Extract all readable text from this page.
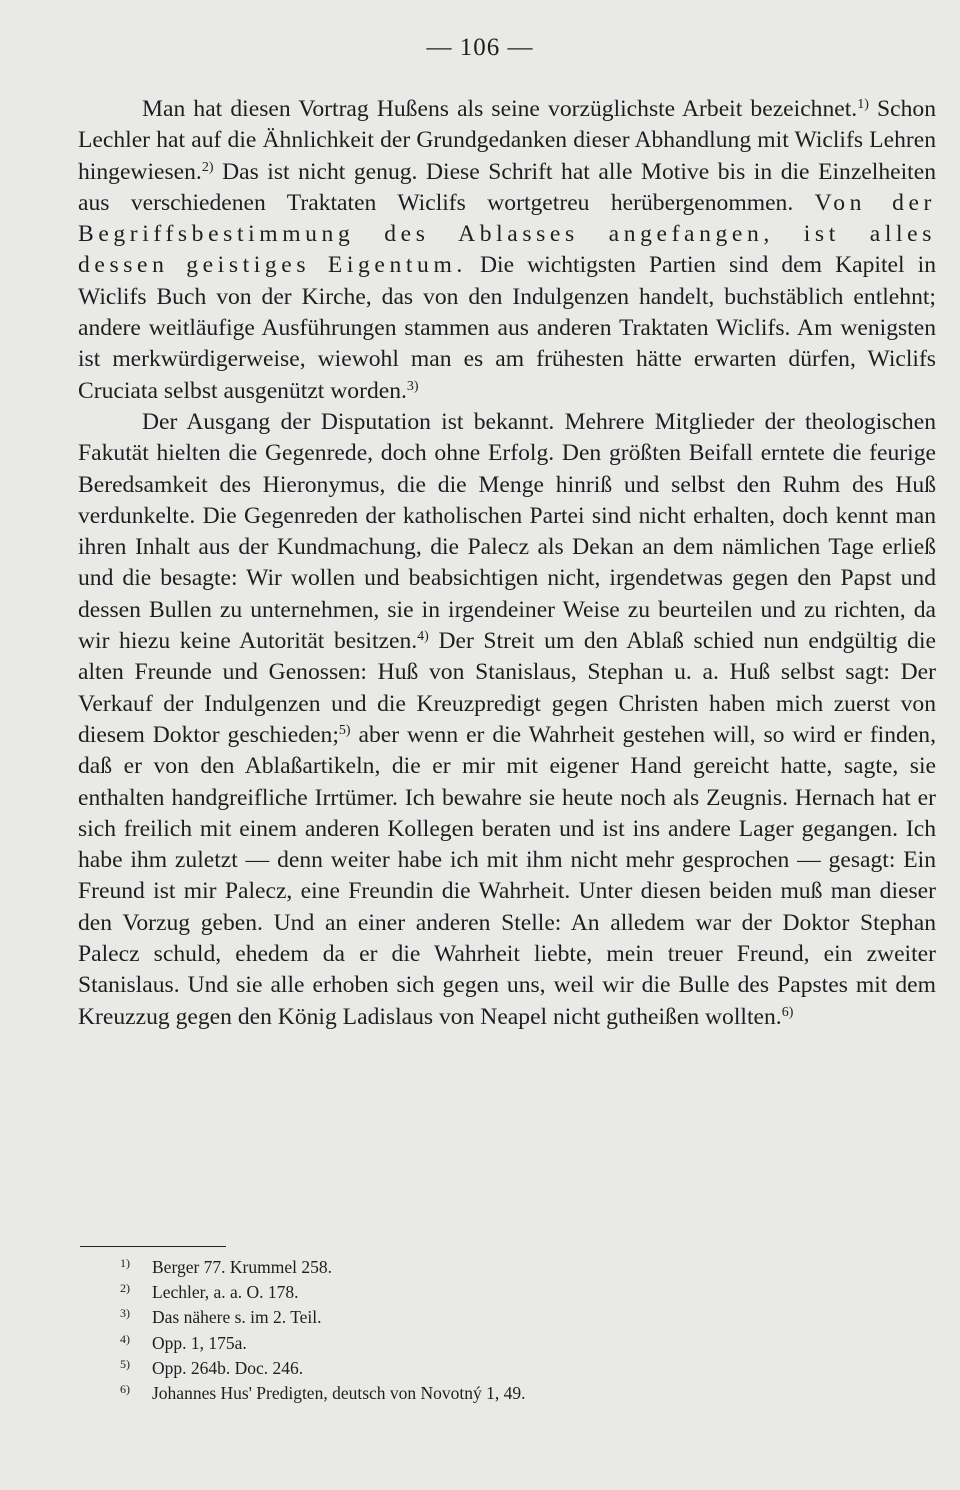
— 106 —

Man hat diesen Vortrag Hußens als seine vorzüglichste Arbeit bezeichnet.$^{1)}$ Schon Lechler hat auf die Ähnlichkeit der Grundgedanken dieser Abhandlung mit Wiclifs Lehren hingewiesen.$^{2)}$ Das ist nicht genug. Diese Schrift hat alle Motive bis in die Einzelheiten aus verschiedenen Traktaten Wiclifs wortgetreu herübergenommen. Von der Begriffsbestimmung des Ablasses angefangen, ist alles dessen geistiges Eigentum. Die wichtigsten Partien sind dem Kapitel in Wiclifs Buch von der Kirche, das von den Indulgenzen handelt, buchstäblich entlehnt; andere weitläufige Ausführungen stammen aus anderen Traktaten Wiclifs. Am wenigsten ist merkwürdigerweise, wiewohl man es am frühesten hätte erwarten dürfen, Wiclifs Cruciata selbst ausgenützt worden.$^{3)}$

Der Ausgang der Disputation ist bekannt. Mehrere Mitglieder der theologischen Fakutät hielten die Gegenrede, doch ohne Erfolg. Den größten Beifall erntete die feurige Beredsamkeit des Hieronymus, die die Menge hinriß und selbst den Ruhm des Huß verdunkelte. Die Gegenreden der katholischen Partei sind nicht erhalten, doch kennt man ihren Inhalt aus der Kundmachung, die Palecz als Dekan an dem nämlichen Tage erließ und die besagte: Wir wollen und beabsichtigen nicht, irgendetwas gegen den Papst und dessen Bullen zu unternehmen, sie in irgendeiner Weise zu beurteilen und zu richten, da wir hiezu keine Autorität besitzen.$^{4)}$ Der Streit um den Ablaß schied nun endgültig die alten Freunde und Genossen: Huß von Stanislaus, Stephan u. a. Huß selbst sagt: Der Verkauf der Indulgenzen und die Kreuzpredigt gegen Christen haben mich zuerst von diesem Doktor geschieden;$^{5)}$ aber wenn er die Wahrheit gestehen will, so wird er finden, daß er von den Ablaßartikeln, die er mir mit eigener Hand gereicht hatte, sagte, sie enthalten handgreifliche Irrtümer. Ich bewahre sie heute noch als Zeugnis. Hernach hat er sich freilich mit einem anderen Kollegen beraten und ist ins andere Lager gegangen. Ich habe ihm zuletzt — denn weiter habe ich mit ihm nicht mehr gesprochen — gesagt: Ein Freund ist mir Palecz, eine Freundin die Wahrheit. Unter diesen beiden muß man dieser den Vorzug geben. Und an einer anderen Stelle: An alledem war der Doktor Stephan Palecz schuld, ehedem da er die Wahrheit liebte, mein treuer Freund, ein zweiter Stanislaus. Und sie alle erhoben sich gegen uns, weil wir die Bulle des Papstes mit dem Kreuzzug gegen den König Ladislaus von Neapel nicht gutheißen wollten.$^{6)}$

$^{1)}$ Berger 77. Krummel 258.
$^{2)}$ Lechler, a. a. O. 178.
$^{3)}$ Das nähere s. im 2. Teil.
$^{4)}$ Opp. 1, 175a.
$^{5)}$ Opp. 264b. Doc. 246.
$^{6)}$ Johannes Hus' Predigten, deutsch von Novotný 1, 49.
